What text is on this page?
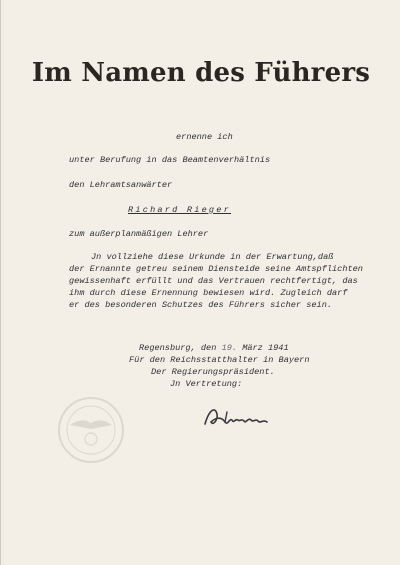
Im Namen des Führers
ernenne ich
unter Berufung in das Beamtenverhältnis
den Lehramtsanwärter
Richard Rieger
zum außerplanmäßigen Lehrer
Jn vollziehe diese Urkunde in der Erwartung,daß
der Ernannte getreu seinem Diensteide seine Amtspflichten
gewissenhaft erfüllt und das Vertrauen rechtfertigt, das
ihm durch diese Ernennung bewiesen wird. Zugleich darf
er des besonderen Schutzes des Führers sicher sein.
Regensburg, den 19. März 1941
Für den Reichsstatthalter in Bayern
Der Regierungspräsident.
Jn Vertretung:
